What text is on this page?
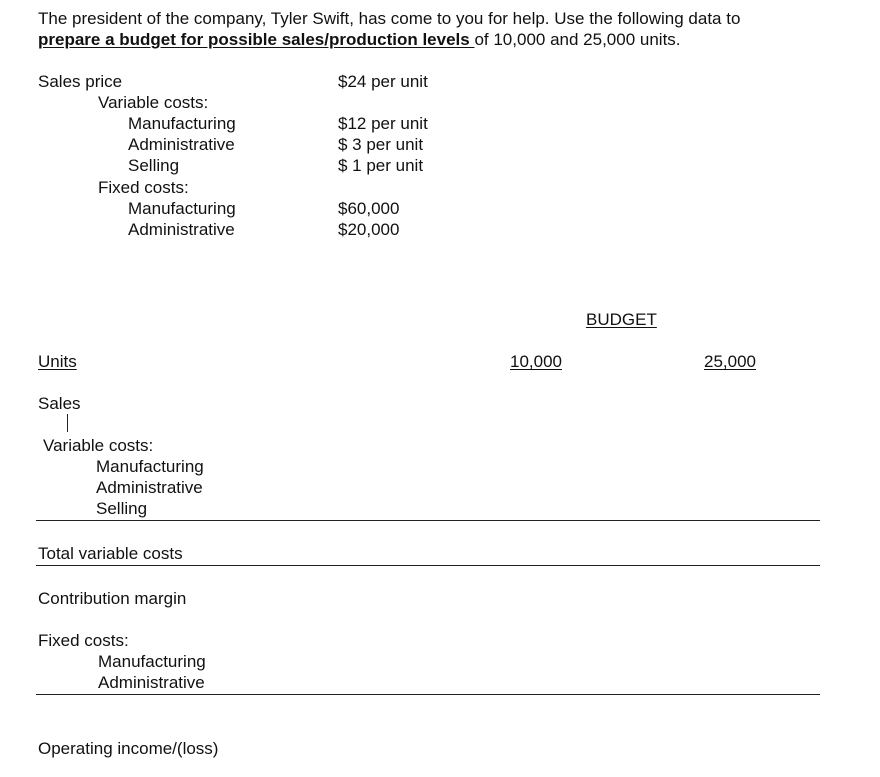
The president of the company, Tyler Swift, has come to you for help. Use the following data to
prepare a budget for possible sales/production levels of 10,000 and 25,000 units.
Sales price	$24 per unit
Variable costs:
Manufacturing	$12 per unit
Administrative	$ 3 per unit
Selling	$ 1 per unit
Fixed costs:
Manufacturing	$60,000
Administrative	$20,000
BUDGET
Units	10,000	25,000
Sales
Variable costs:
Manufacturing
Administrative
Selling
Total variable costs
Contribution margin
Fixed costs:
Manufacturing
Administrative
Operating income/(loss)
